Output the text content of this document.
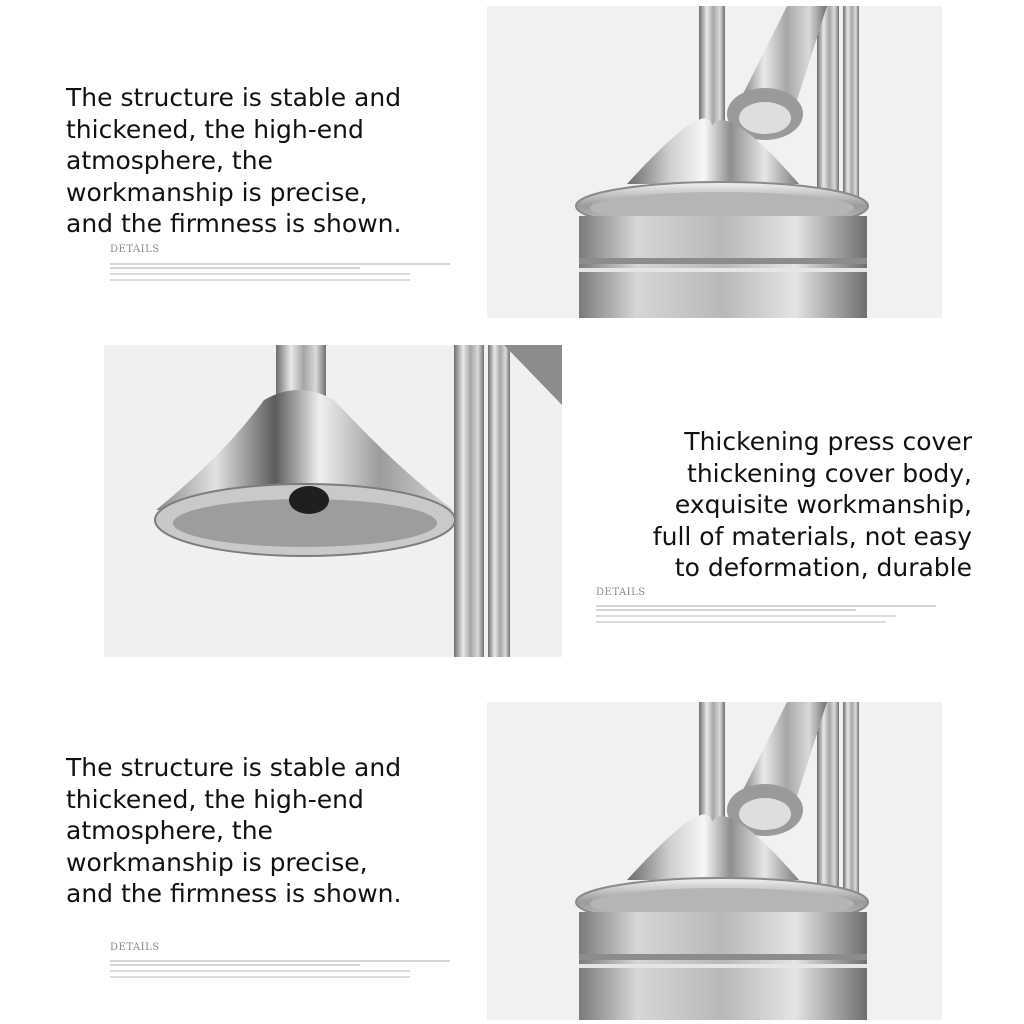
The structure is stable and
thickened, the high-end
atmosphere, the
workmanship is precise,
and the firmness is shown.
DETAILS
Thickening press cover
thickening cover body,
exquisite workmanship,
full of materials, not easy
to deformation, durable
DETAILS
The structure is stable and
thickened, the high-end
atmosphere, the
workmanship is precise,
and the firmness is shown.
DETAILS
